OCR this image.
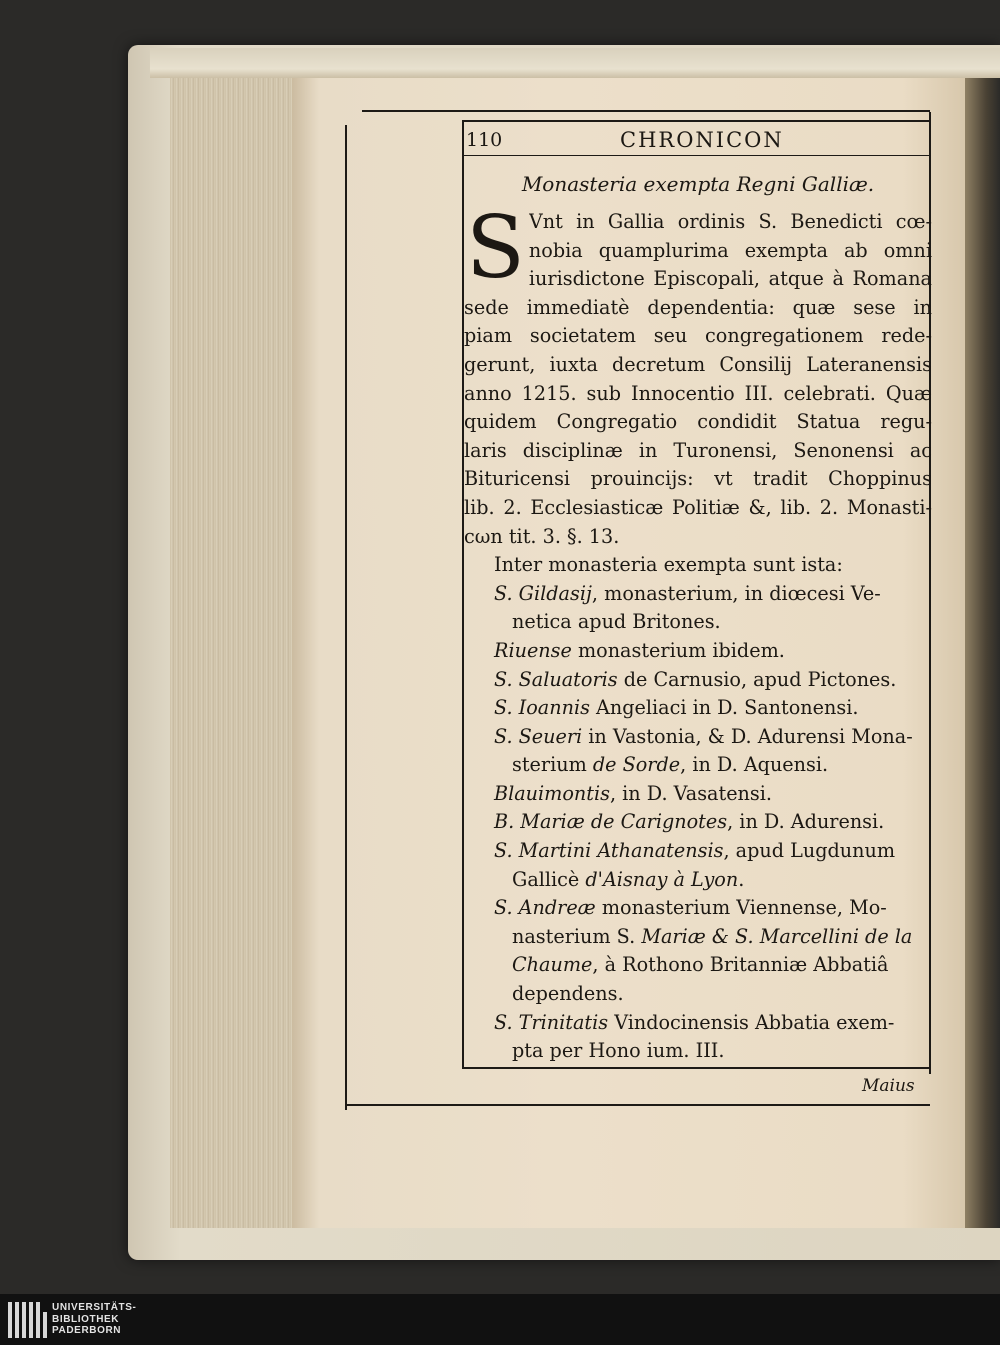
110	CHRONICON
Monasteria exempta Regni Galliæ.
S Vnt in Gallia ordinis S. Benedicti cœ-
nobia quamplurima exempta ab omni
iurisdictone Episcopali, atque à Romana
sede immediatè dependentia: quæ sese in
piam societatem seu congregationem rede-
gerunt, iuxta decretum Consilij Lateranensis
anno 1215. sub Innocentio III. celebrati. Quæ
quidem Congregatio condidit Statua regu-
laris disciplinæ in Turonensi, Senonensi ac
Bituricensi prouincijs: vt tradit Choppinus
lib. 2. Ecclesiasticæ Politiæ &, lib. 2. Monasti-
cωn tit. 3. §. 13.
Inter monasteria exempta sunt ista:
S. Gildasij, monasterium, in diœcesi Ve-
netica apud Britones.
Riuense monasterium ibidem.
S. Saluatoris de Carnusio, apud Pictones.
S. Ioannis Angeliaci in D. Santonensi.
S. Seueri in Vastonia, & D. Adurensi Mona-
sterium de Sorde, in D. Aquensi.
Blauimontis, in D. Vasatensi.
B. Mariæ de Carignotes, in D. Adurensi.
S. Martini Athanatensis, apud Lugdunum
Gallicè d'Aisnay à Lyon.
S. Andreæ monasterium Viennense, Mo-
nasterium S. Mariæ & S. Marcellini de la
Chaume, à Rothono Britanniæ Abbatiâ
dependens.
S. Trinitatis Vindocinensis Abbatia exem-
pta per Hono ium. III.
Maius
UNIVERSITÄTS-
BIBLIOTHEK
PADERBORN
